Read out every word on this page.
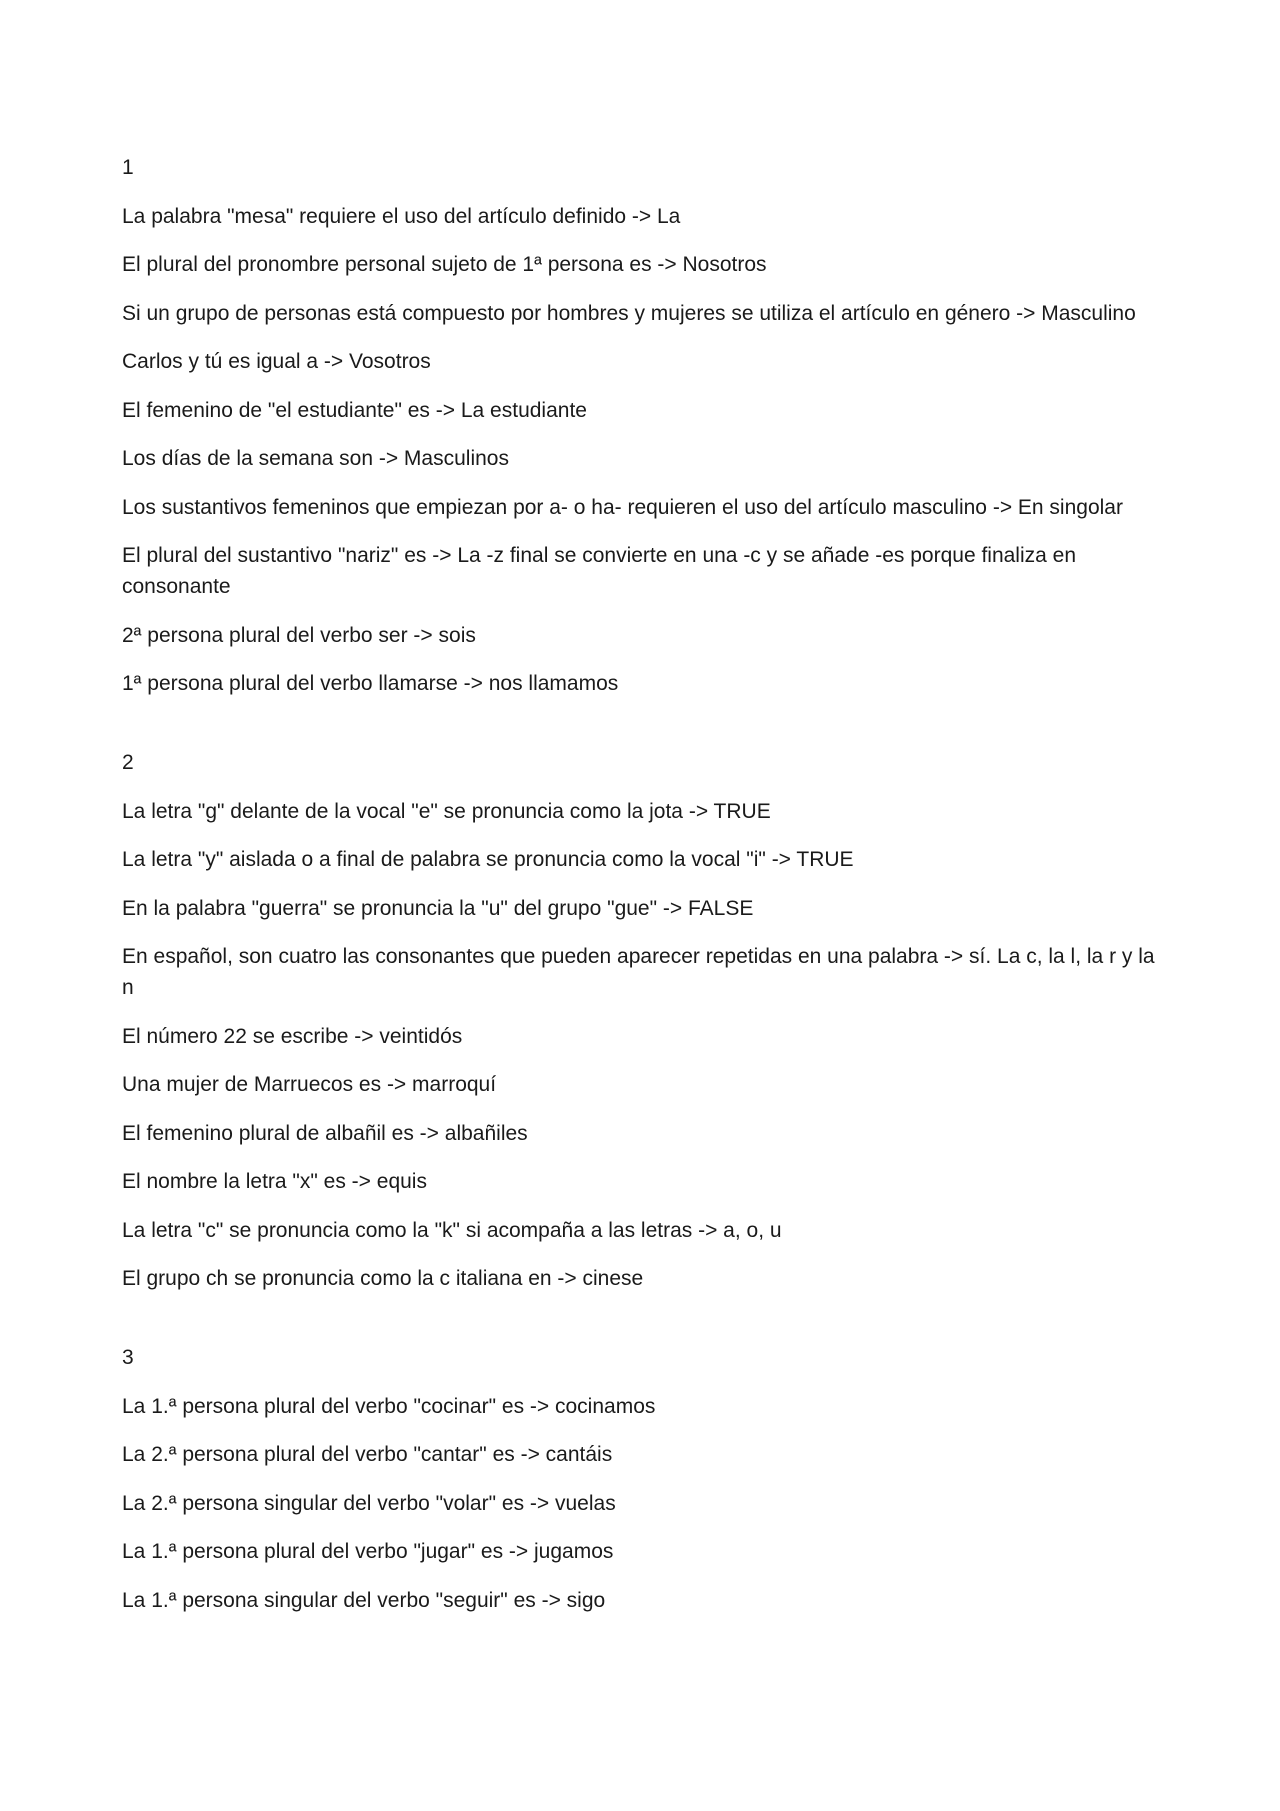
1

La palabra "mesa" requiere el uso del artículo definido -> La

El plural del pronombre personal sujeto de 1ª persona es -> Nosotros

Si un grupo de personas está compuesto por hombres y mujeres se utiliza el artículo en género -> Masculino

Carlos y tú es igual a -> Vosotros

El femenino de "el estudiante" es -> La estudiante

Los días de la semana son -> Masculinos

Los sustantivos femeninos que empiezan por a- o ha- requieren el uso del artículo masculino -> En singolar

El plural del sustantivo "nariz" es -> La -z final se convierte en una -c y se añade -es porque finaliza en consonante

2ª persona plural del verbo ser -> sois

1ª persona plural del verbo llamarse -> nos llamamos

2

La letra "g" delante de la vocal "e" se pronuncia como la jota -> TRUE

La letra "y" aislada o a final de palabra se pronuncia como la vocal "i" -> TRUE

En la palabra "guerra" se pronuncia la "u" del grupo "gue" -> FALSE

En español, son cuatro las consonantes que pueden aparecer repetidas en una palabra -> sí. La c, la l, la r y la n

El número 22 se escribe -> veintidós

Una mujer de Marruecos es -> marroquí

El femenino plural de albañil es -> albañiles

El nombre la letra "x" es -> equis

La letra "c" se pronuncia como la "k" si acompaña a las letras -> a, o, u

El grupo ch se pronuncia como la c italiana en -> cinese

3

La 1.ª persona plural del verbo "cocinar" es -> cocinamos

La 2.ª persona plural del verbo "cantar" es -> cantáis

La 2.ª persona singular del verbo "volar" es -> vuelas

La 1.ª persona plural del verbo "jugar" es -> jugamos

La 1.ª persona singular del verbo "seguir" es -> sigo
